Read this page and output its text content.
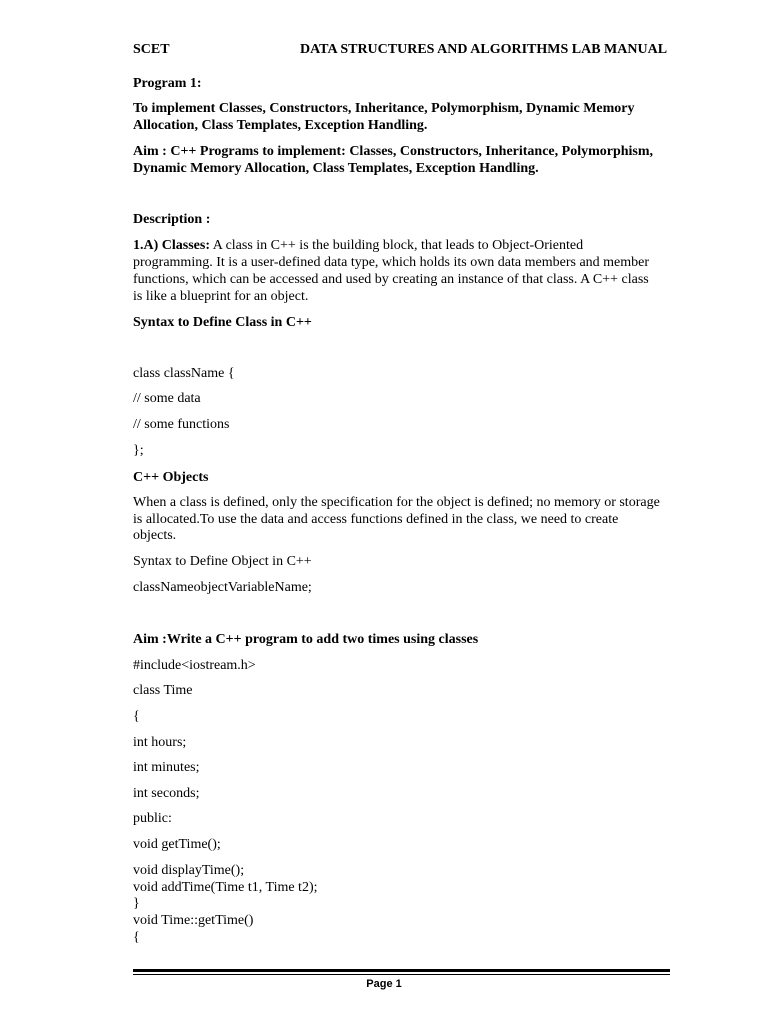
SCET	DATA STRUCTURES AND ALGORITHMS LAB MANUAL
Program 1:
To implement Classes, Constructors, Inheritance, Polymorphism, Dynamic Memory
Allocation, Class Templates, Exception Handling.
Aim : C++ Programs to implement: Classes, Constructors, Inheritance, Polymorphism,
Dynamic Memory Allocation, Class Templates, Exception Handling.
Description :
1.A) Classes: A class in C++ is the building block, that leads to Object-Oriented
programming. It is a user-defined data type, which holds its own data members and member
functions, which can be accessed and used by creating an instance of that class. A C++ class
is like a blueprint for an object.
Syntax to Define Class in C++
class className {
// some data
// some functions
};
C++ Objects
When a class is defined, only the specification for the object is defined; no memory or storage
is allocated.To use the data and access functions defined in the class, we need to create
objects.
Syntax to Define Object in C++
classNameobjectVariableName;
Aim :Write a C++ program to add two times using classes
#include<iostream.h>
class Time
{
int hours;
int minutes;
int seconds;
public:
void getTime();
void displayTime();
void addTime(Time t1, Time t2);
}
void Time::getTime()
{
Page 1
